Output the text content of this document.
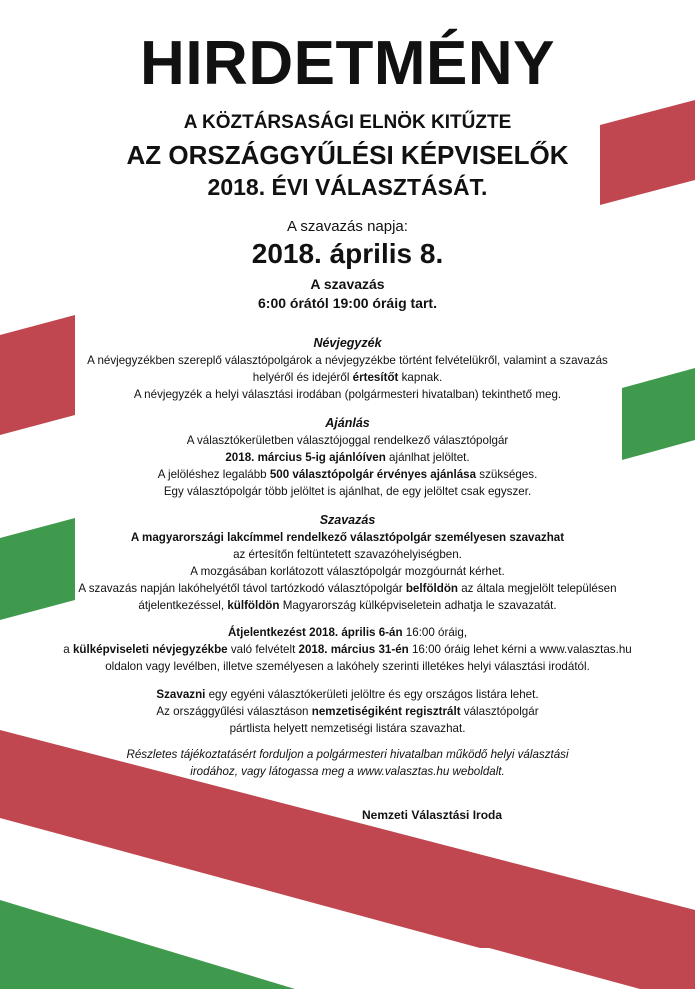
HIRDETMÉNY
A KÖZTÁRSASÁGI ELNÖK KITŰZTE
AZ ORSZÁGGYŰLÉSI KÉPVISELŐK
2018. ÉVI VÁLASZTÁSÁT.
A szavazás napja:
2018. április 8.
A szavazás
6:00 órától 19:00 óráig tart.
Névjegyzék
A névjegyzékben szereplő választópolgárok a névjegyzékbe történt felvételükről, valamint a szavazás
helyéről és idejéről értesítőt kapnak.
A névjegyzék a helyi választási irodában (polgármesteri hivatalban) tekinthető meg.
Ajánlás
A választókerületben választójoggal rendelkező választópolgár
2018. március 5-ig ajánlóíven ajánlhat jelöltet.
A jelöléshez legalább 500 választópolgár érvényes ajánlása szükséges.
Egy választópolgár több jelöltet is ajánlhat, de egy jelöltet csak egyszer.
Szavazás
A magyarországi lakcímmel rendelkező választópolgár személyesen szavazhat
az értesítőn feltüntetett szavazóhelyiségben.
A mozgásában korlátozott választópolgár mozgóurnát kérhet.
A szavazás napján lakóhelyétől távol tartózkodó választópolgár belföldön az általa megjelölt településen
átjelentkezéssel, külföldön Magyarország külképviseletein adhatja le szavazatát.
Átjelentkezést 2018. április 6-án 16:00 óráig,
a külképviseleti névjegyzékbe való felvételt 2018. március 31-én 16:00 óráig lehet kérni a www.valasztas.hu
oldalon vagy levélben, illetve személyesen a lakóhely szerinti illetékes helyi választási irodától.
Szavazni egy egyéni választókerületi jelöltre és egy országos listára lehet.
Az országgyűlési választáson nemzetiségiként regisztrált választópolgár
pártlista helyett nemzetiségi listára szavazhat.
Részletes tájékoztatásért forduljon a polgármesteri hivatalban működő helyi választási
irodához, vagy látogassa meg a www.valasztas.hu weboldalt.
Nemzeti Választási Iroda
